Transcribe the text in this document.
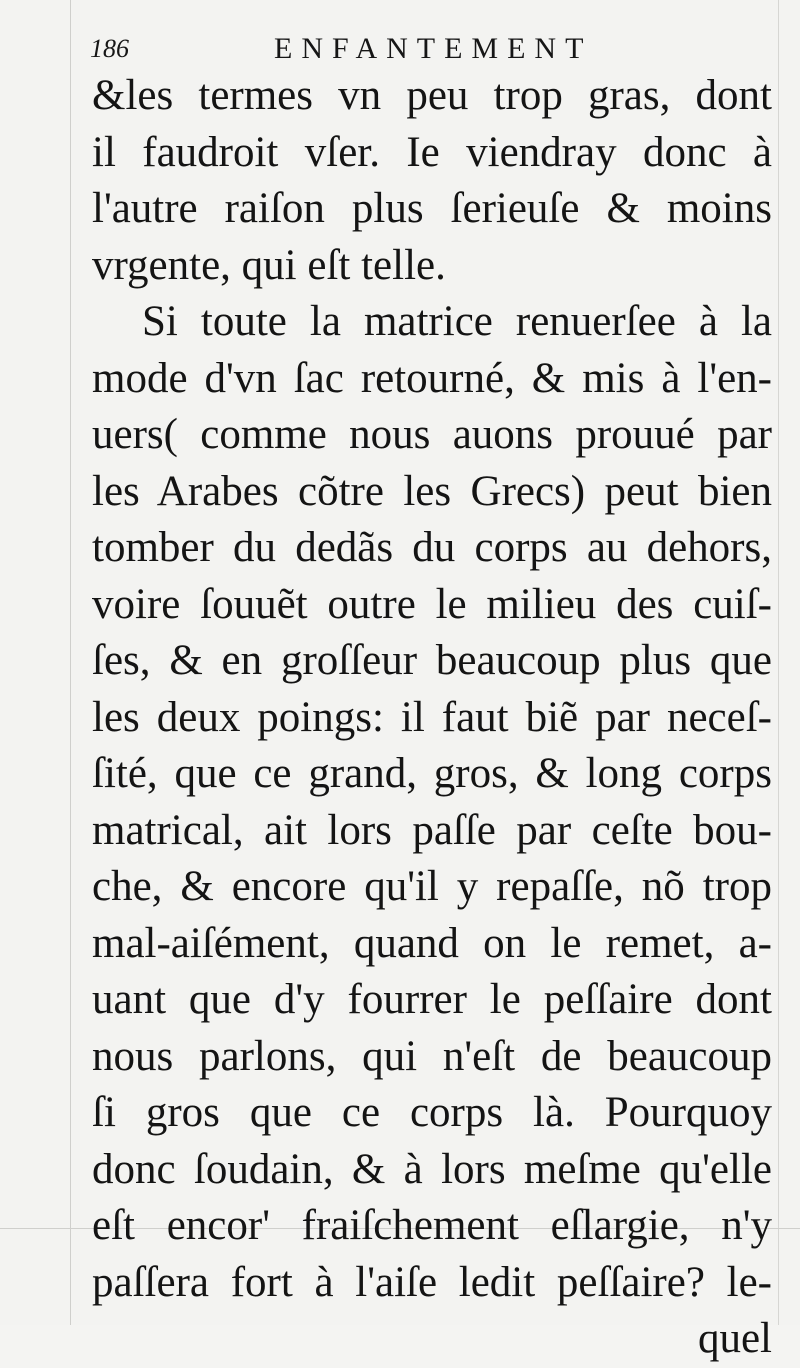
186	ENFANTEMENT
&les termes vn peu trop gras, dont
il faudroit vſer. Ie viendray donc à
l'autre raiſon plus ſerieuſe & moins
vrgente, qui eſt telle.
Si toute la matrice renuerſee à la
mode d'vn ſac retourné, & mis à l'en-
uers( comme nous auons prouué par
les Arabes cõtre les Grecs) peut bien
tomber du dedãs du corps au dehors,
voire ſouuẽt outre le milieu des cuiſ-
ſes, & en groſſeur beaucoup plus que
les deux poings: il faut biẽ par neceſ-
ſité, que ce grand, gros, & long corps
matrical, ait lors paſſe par ceſte bou-
che, & encore qu'il y repaſſe, nõ trop
mal-aiſément, quand on le remet, a-
uant que d'y fourrer le peſſaire dont
nous parlons, qui n'eſt de beaucoup
ſi gros que ce corps là. Pourquoy
donc ſoudain, & à lors meſme qu'elle
eſt encor' fraiſchement eſlargie, n'y
paſſera fort à l'aiſe ledit peſſaire? le-
quel
